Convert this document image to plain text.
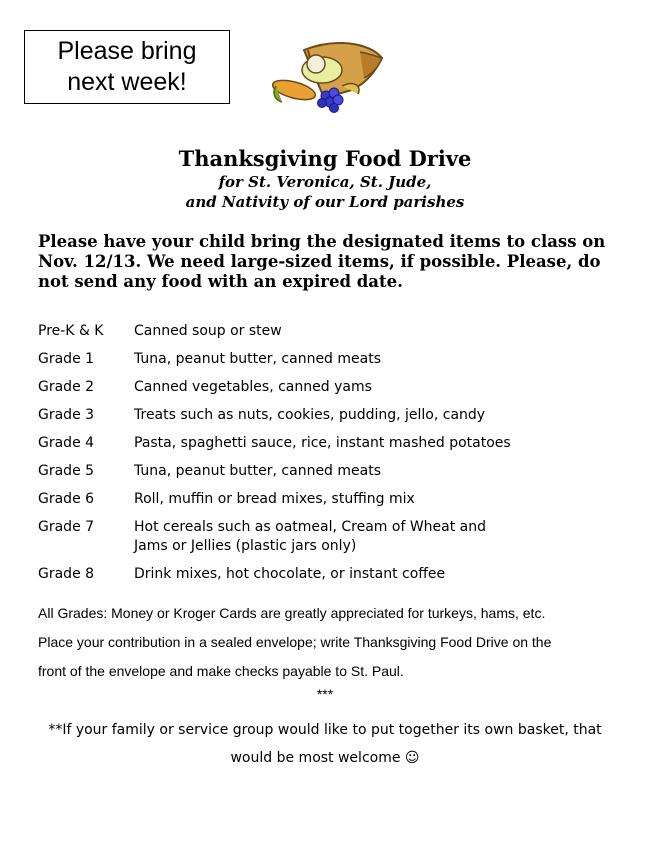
Please bring
next week!
Thanksgiving Food Drive
for St. Veronica, St. Jude,
and Nativity of our Lord parishes
Please have your child bring the designated items to class on
Nov. 12/13. We need large-sized items, if possible. Please, do
not send any food with an expired date.
Pre-K & K	Canned soup or stew
Grade 1	Tuna, peanut butter, canned meats
Grade 2	Canned vegetables, canned yams
Grade 3	Treats such as nuts, cookies, pudding, jello, candy
Grade 4	Pasta, spaghetti sauce, rice, instant mashed potatoes
Grade 5	Tuna, peanut butter, canned meats
Grade 6	Roll, muffin or bread mixes, stuffing mix
Grade 7	Hot cereals such as oatmeal, Cream of Wheat and
Jams or Jellies (plastic jars only)
Grade 8	Drink mixes, hot chocolate, or instant coffee
All Grades: Money or Kroger Cards are greatly appreciated for turkeys, hams, etc.
Place your contribution in a sealed envelope; write Thanksgiving Food Drive on the
front of the envelope and make checks payable to St. Paul.
***
**If your family or service group would like to put together its own basket, that
would be most welcome ☺
